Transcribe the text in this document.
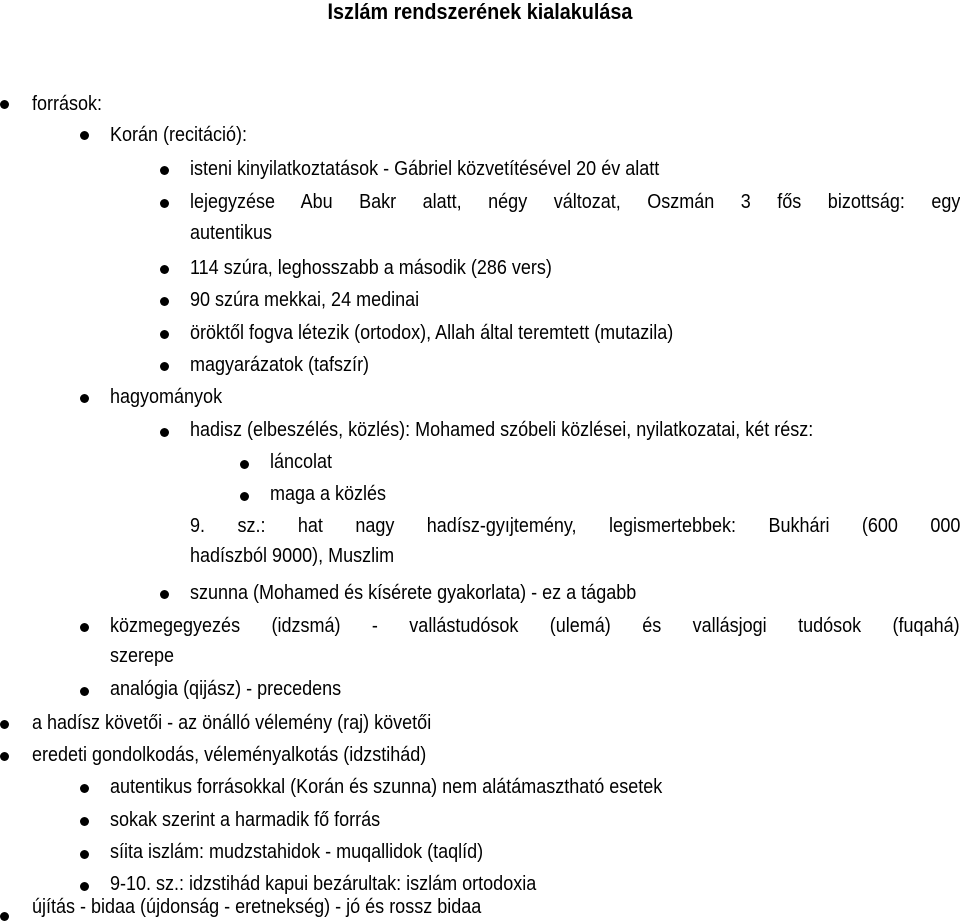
Iszlám rendszerének kialakulása
források:
Korán (recitáció):
isteni kinyilatkoztatások - Gábriel közvetítésével 20 év alatt
lejegyzése Abu Bakr alatt, négy változat, Oszmán 3 fős bizottság: egy
autentikus
114 szúra, leghosszabb a második (286 vers)
90 szúra mekkai, 24 medinai
öröktől fogva létezik (ortodox), Allah által teremtett (mutazila)
magyarázatok (tafszír)
hagyományok
hadisz (elbeszélés, közlés): Mohamed szóbeli közlései, nyilatkozatai, két rész:
láncolat
maga a közlés
9. sz.: hat nagy hadísz-gyıjtemény, legismertebbek: Bukhári (600 000
hadíszból 9000), Muszlim
szunna (Mohamed és kísérete gyakorlata) - ez a tágabb
közmegegyezés (idzsmá) - vallástudósok (ulemá) és vallásjogi tudósok (fuqahá)
szerepe
analógia (qijász) - precedens
a hadísz követői - az önálló vélemény (raj) követői
eredeti gondolkodás, véleményalkotás (idzstihád)
autentikus forrásokkal (Korán és szunna) nem alátámasztható esetek
sokak szerint a harmadik fő forrás
síita iszlám: mudzstahidok - muqallidok (taqlíd)
9-10. sz.: idzstihád kapui bezárultak: iszlám ortodoxia
újítás - bidaa (újdonság - eretnekség) - jó és rossz bidaa
